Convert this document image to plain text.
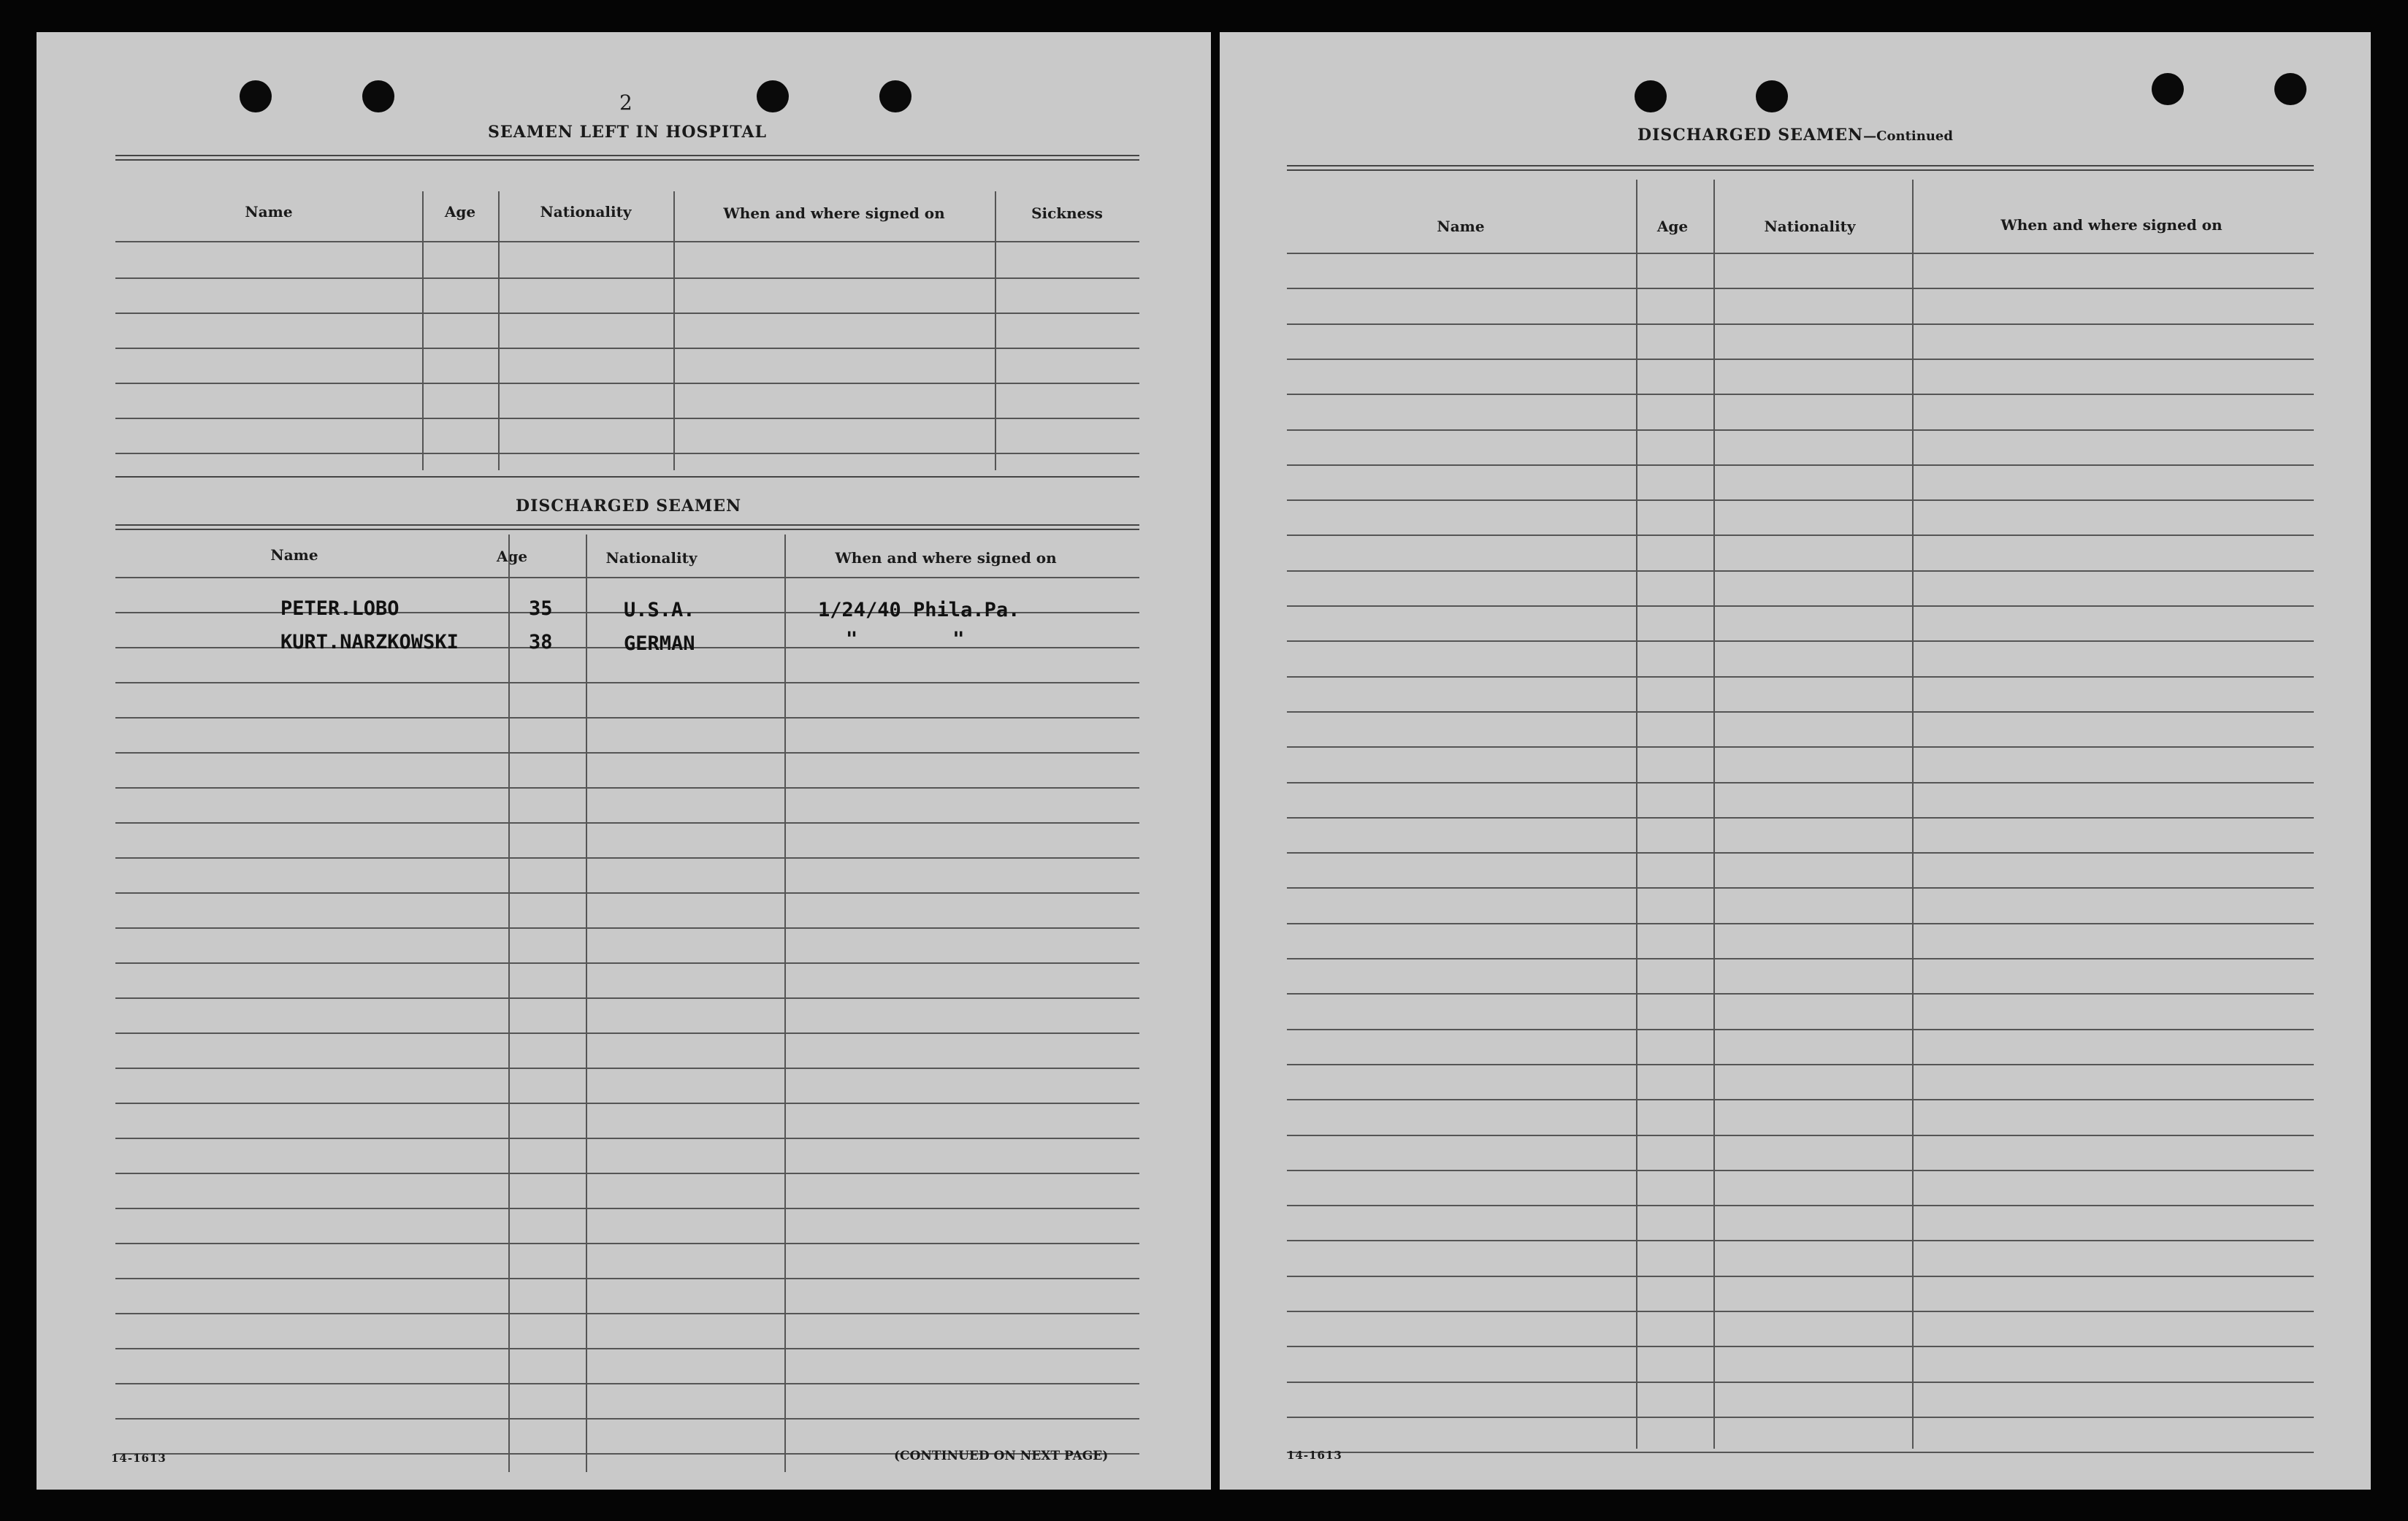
2
SEAMEN LEFT IN HOSPITAL
Name	Age	Nationality	When and where signed on	Sickness
DISCHARGED SEAMEN
Name	Age	Nationality	When and where signed on
PETER.LOBO	35	U.S.A.	1/24/40 Phila.Pa.
KURT.NARZKOWSKI	38	GERMAN	"        "
14-1613	(CONTINUED ON NEXT PAGE)
DISCHARGED SEAMEN—Continued
Name	Age	Nationality	When and where signed on
14-1613
